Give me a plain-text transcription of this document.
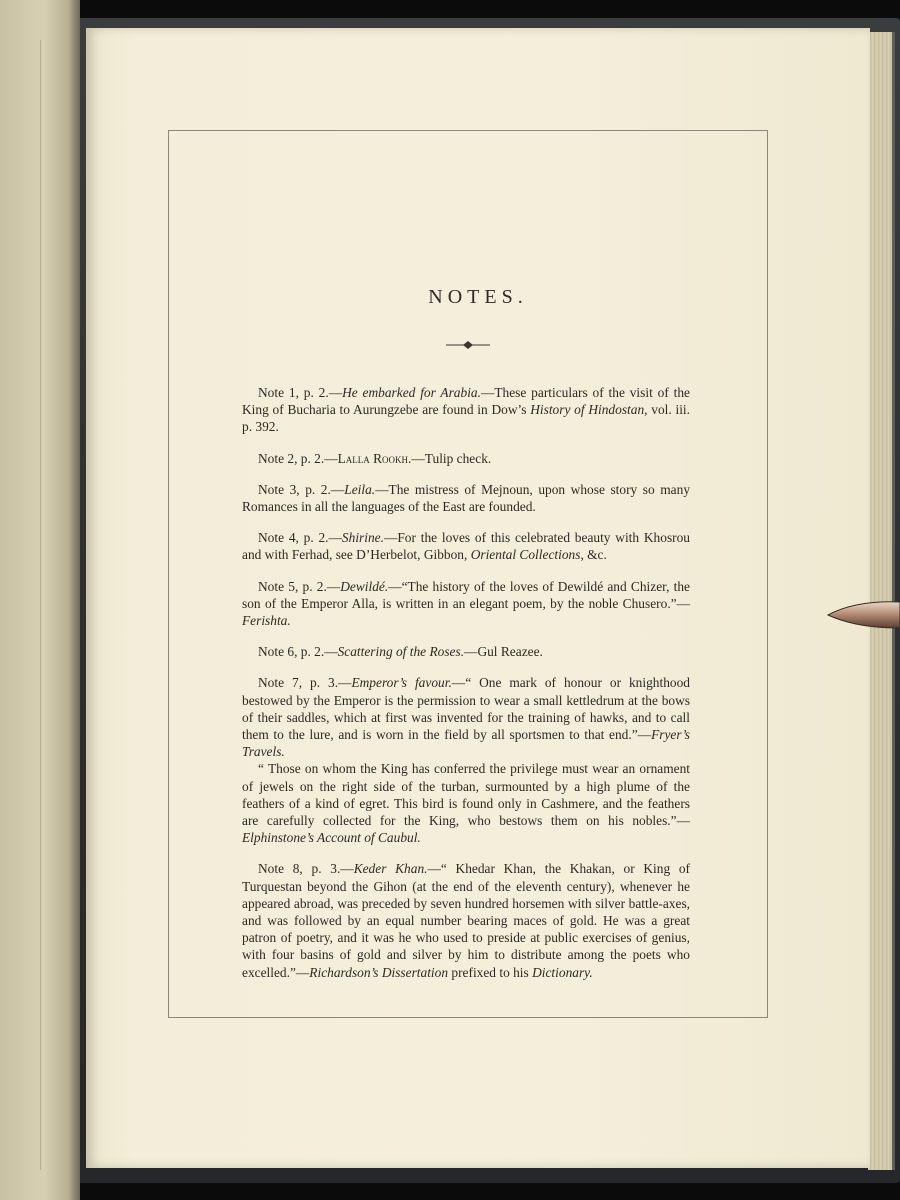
NOTES.

Note 1, p. 2.—He embarked for Arabia.—These particulars of the visit of the King of Bucharia to Aurungzebe are found in Dow’s History of Hindostan, vol. iii. p. 392.

Note 2, p. 2.—Lalla Rookh.—Tulip check.

Note 3, p. 2.—Leila.—The mistress of Mejnoun, upon whose story so many Romances in all the languages of the East are founded.

Note 4, p. 2.—Shirine.—For the loves of this celebrated beauty with Khosrou and with Ferhad, see D’Herbelot, Gibbon, Oriental Collections, &c.

Note 5, p. 2.—Dewildé.—“The history of the loves of Dewildé and Chizer, the son of the Emperor Alla, is written in an elegant poem, by the noble Chusero.”—Ferishta.

Note 6, p. 2.—Scattering of the Roses.—Gul Reazee.

Note 7, p. 3.—Emperor’s favour.—“ One mark of honour or knighthood bestowed by the Emperor is the permission to wear a small kettledrum at the bows of their saddles, which at first was invented for the training of hawks, and to call them to the lure, and is worn in the field by all sportsmen to that end.”—Fryer’s Travels.

“ Those on whom the King has conferred the privilege must wear an ornament of jewels on the right side of the turban, surmounted by a high plume of the feathers of a kind of egret. This bird is found only in Cashmere, and the feathers are carefully collected for the King, who bestows them on his nobles.”—Elphinstone’s Account of Caubul.

Note 8, p. 3.—Keder Khan.—“ Khedar Khan, the Khakan, or King of Turquestan beyond the Gihon (at the end of the eleventh century), whenever he appeared abroad, was preceded by seven hundred horsemen with silver battle-axes, and was followed by an equal number bearing maces of gold. He was a great patron of poetry, and it was he who used to preside at public exercises of genius, with four basins of gold and silver by him to distribute among the poets who excelled.”—Richardson’s Dissertation prefixed to his Dictionary.
